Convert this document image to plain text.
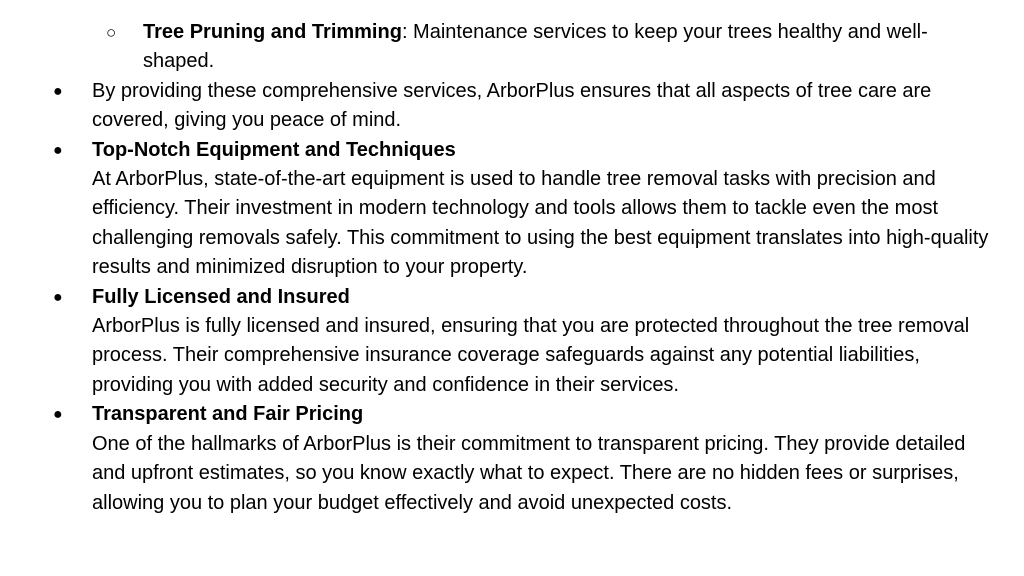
○ Tree Pruning and Trimming: Maintenance services to keep your trees healthy and well-shaped.
● By providing these comprehensive services, ArborPlus ensures that all aspects of tree care are covered, giving you peace of mind.
● Top-Notch Equipment and Techniques
At ArborPlus, state-of-the-art equipment is used to handle tree removal tasks with precision and efficiency. Their investment in modern technology and tools allows them to tackle even the most challenging removals safely. This commitment to using the best equipment translates into high-quality results and minimized disruption to your property.
● Fully Licensed and Insured
ArborPlus is fully licensed and insured, ensuring that you are protected throughout the tree removal process. Their comprehensive insurance coverage safeguards against any potential liabilities, providing you with added security and confidence in their services.
● Transparent and Fair Pricing
One of the hallmarks of ArborPlus is their commitment to transparent pricing. They provide detailed and upfront estimates, so you know exactly what to expect. There are no hidden fees or surprises, allowing you to plan your budget effectively and avoid unexpected costs.
